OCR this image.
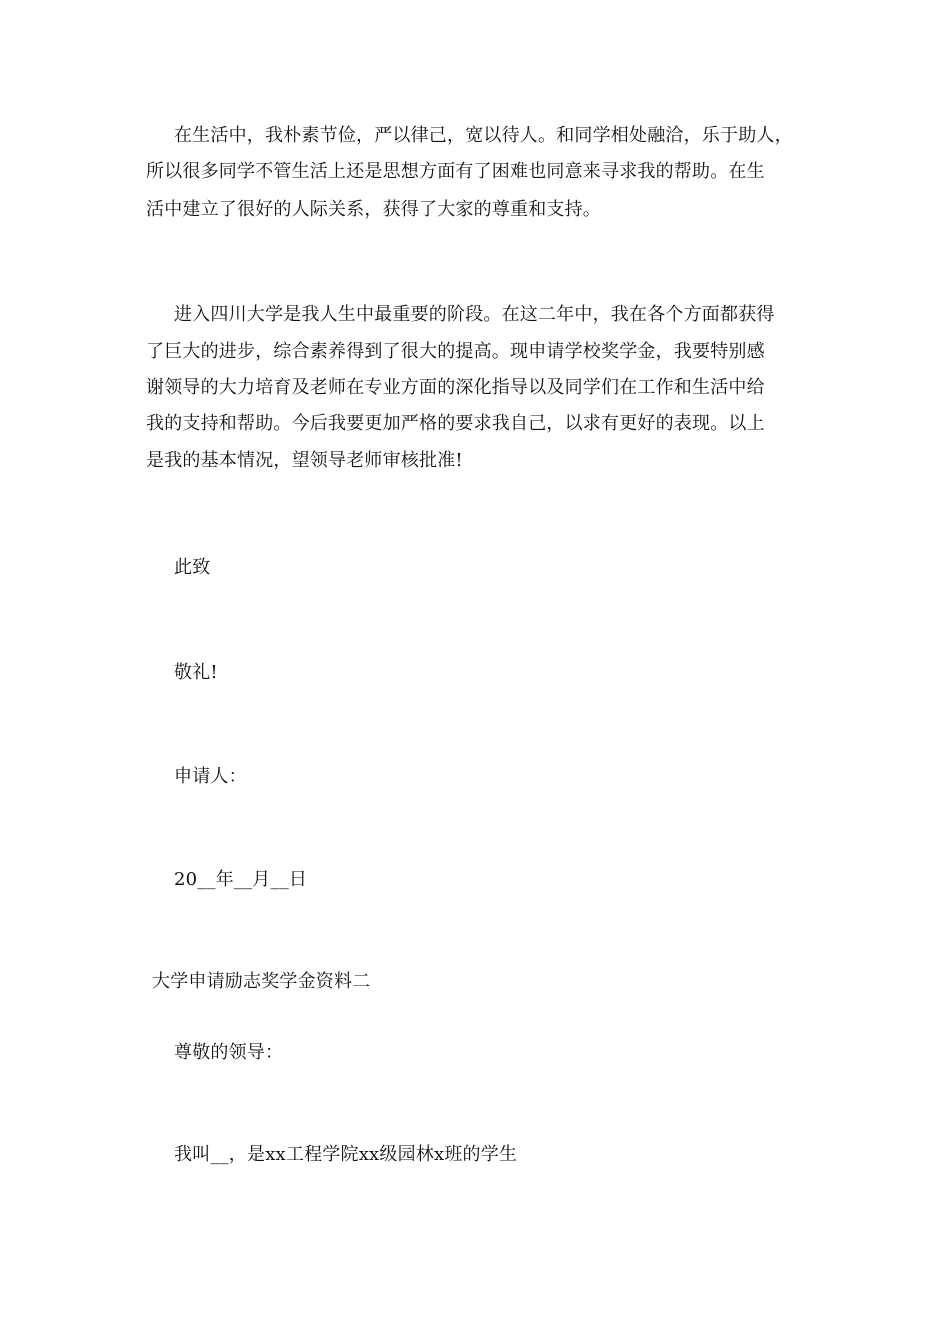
在生活中，我朴素节俭，严以律己，宽以待人。和同学相处融洽，乐于助人，
所以很多同学不管生活上还是思想方面有了困难也同意来寻求我的帮助。在生
活中建立了很好的人际关系，获得了大家的尊重和支持。
进入四川大学是我人生中最重要的阶段。在这二年中，我在各个方面都获得
了巨大的进步，综合素养得到了很大的提高。现申请学校奖学金，我要特别感
谢领导的大力培育及老师在专业方面的深化指导以及同学们在工作和生活中给
我的支持和帮助。今后我要更加严格的要求我自己，以求有更好的表现。以上
是我的基本情况，望领导老师审核批准!
此致
敬礼!
申请人：
20__年__月__日
大学申请励志奖学金资料二
尊敬的领导：
我叫__，是xx工程学院xx级园林x班的学生
